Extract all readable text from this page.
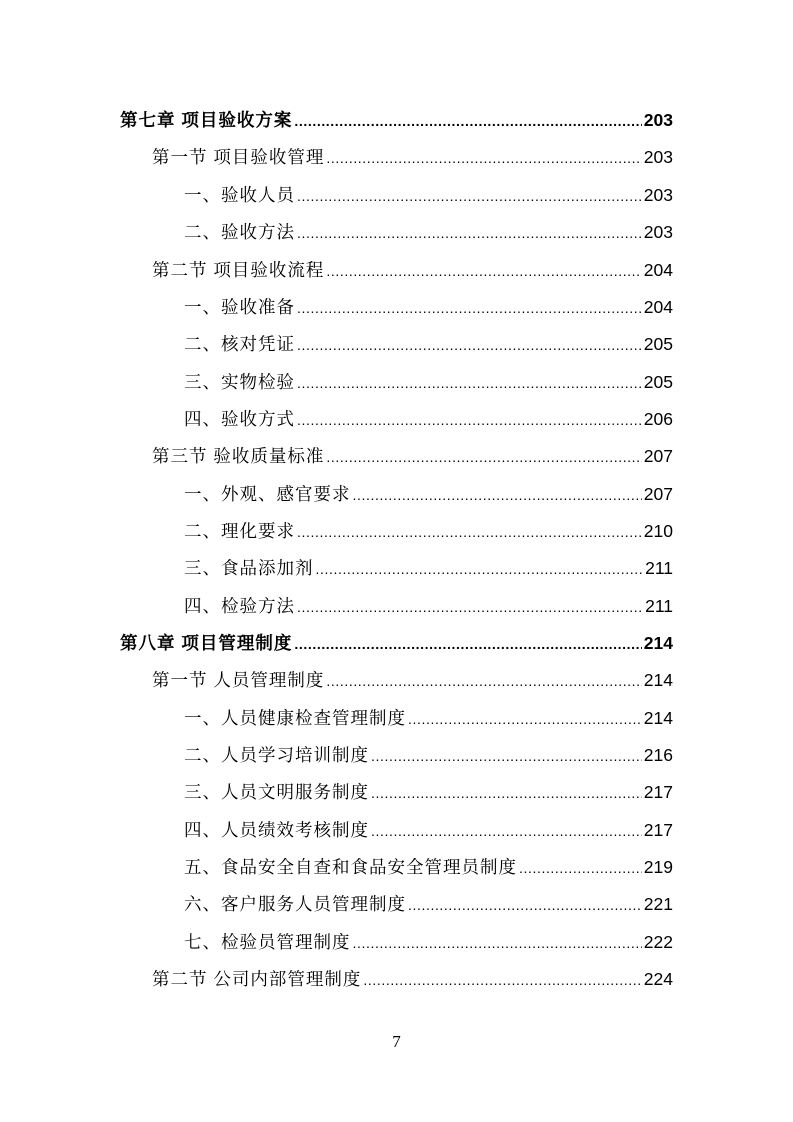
第七章 项目验收方案 .....	203
第一节 项目验收管理 .....	203
一、验收人员 .....	203
二、验收方法 .....	203
第二节 项目验收流程 .....	204
一、验收准备 .....	204
二、核对凭证 .....	205
三、实物检验 .....	205
四、验收方式 .....	206
第三节 验收质量标准 .....	207
一、外观、感官要求 .....	207
二、理化要求 .....	210
三、食品添加剂 .....	211
四、检验方法 .....	211
第八章 项目管理制度 .....	214
第一节 人员管理制度 .....	214
一、人员健康检查管理制度 .....	214
二、人员学习培训制度 .....	216
三、人员文明服务制度 .....	217
四、人员绩效考核制度 .....	217
五、食品安全自查和食品安全管理员制度 .....	219
六、客户服务人员管理制度 .....	221
七、检验员管理制度 .....	222
第二节 公司内部管理制度 .....	224
7
